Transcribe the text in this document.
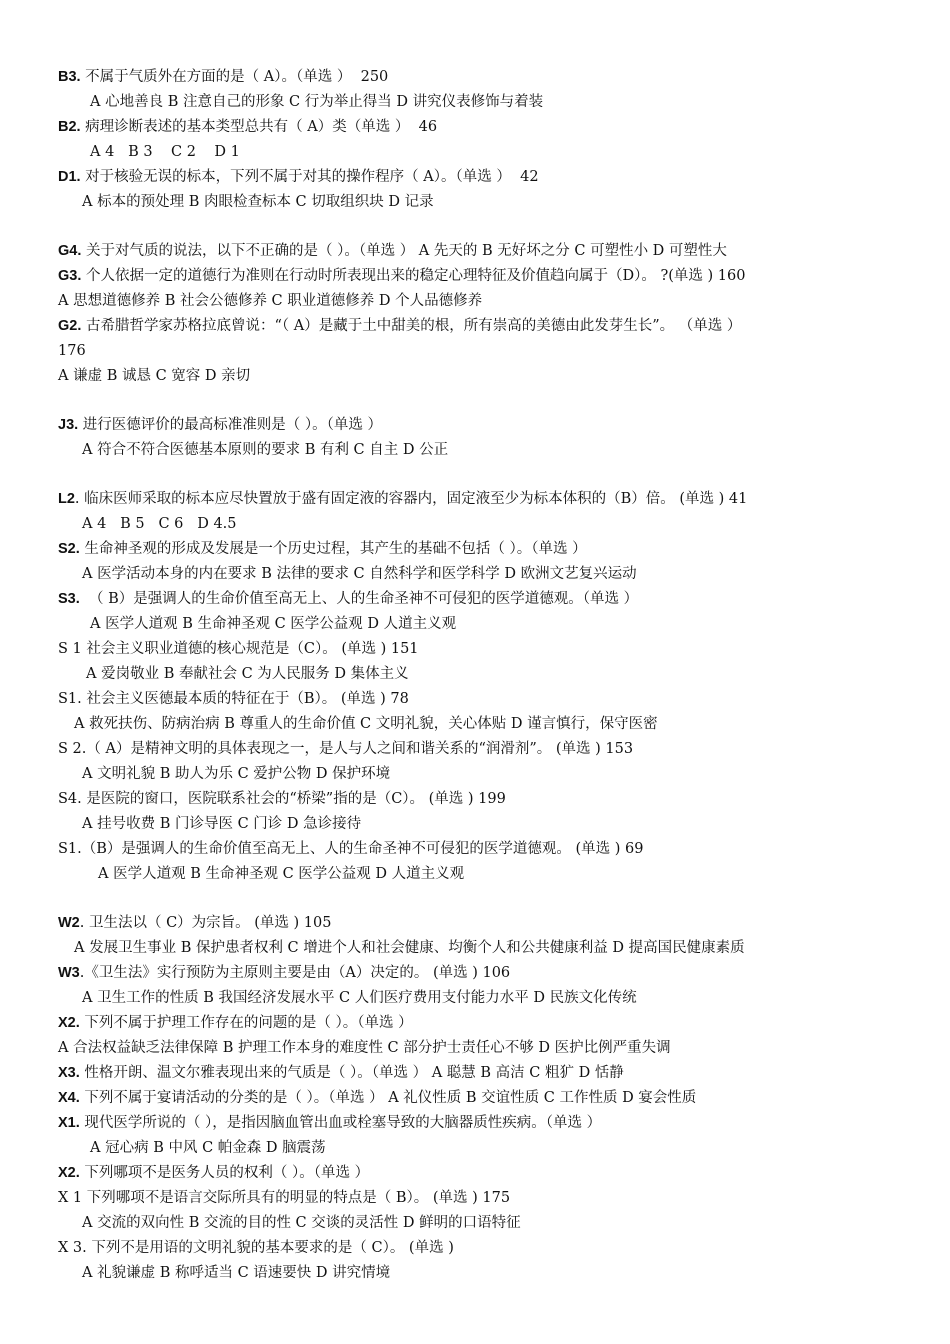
B3. 不属于气质外在方面的是（ A）。（单选 ）  250
A 心地善良 B 注意自己的形象 C 行为举止得当 D 讲究仪表修饰与着装
B2. 病理诊断表述的基本类型总共有（ A）类（单选 ）  46
A 4   B 3    C 2    D 1
D1. 对于核验无误的标本，下列不属于对其的操作程序（ A）。（单选 ）  42
A 标本的预处理 B 肉眼检查标本 C 切取组织块 D 记录
G4. 关于对气质的说法，以下不正确的是（ ）。（单选 ） A 先天的 B 无好坏之分 C 可塑性小 D 可塑性大
G3. 个人依据一定的道德行为准则在行动时所表现出来的稳定心理特征及价值趋向属于（D）。 ?(单选 ) 160
A 思想道德修养 B 社会公德修养 C 职业道德修养 D 个人品德修养
G2. 古希腊哲学家苏格拉底曾说：“（ A）是藏于土中甜美的根，所有崇高的美德由此发芽生长”。 （单选 ）
176
A 谦虚 B 诚恳 C 宽容 D 亲切
J3. 进行医德评价的最高标准准则是（ ）。（单选 ）
A 符合不符合医德基本原则的要求 B 有利 C 自主 D 公正
L2. 临床医师采取的标本应尽快置放于盛有固定液的容器内，固定液至少为标本体积的（B）倍。 (单选 ) 41
A 4   B 5   C 6   D 4.5
S2. 生命神圣观的形成及发展是一个历史过程，其产生的基础不包括（ ）。（单选 ）
A 医学活动本身的内在要求 B 法律的要求 C 自然科学和医学科学 D 欧洲文艺复兴运动
S3.  （ B）是强调人的生命价值至高无上、人的生命圣神不可侵犯的医学道德观。（单选 ）
A 医学人道观 B 生命神圣观 C 医学公益观 D 人道主义观
S 1 社会主义职业道德的核心规范是（C）。 (单选 ) 151
A 爱岗敬业 B 奉献社会 C 为人民服务 D 集体主义
S1. 社会主义医德最本质的特征在于（B）。 (单选 ) 78
A 救死扶伤、防病治病 B 尊重人的生命价值 C 文明礼貌，关心体贴 D 谨言慎行，保守医密
S 2.（ A）是精神文明的具体表现之一，是人与人之间和谐关系的“润滑剂”。 (单选 ) 153
A 文明礼貌 B 助人为乐 C 爱护公物 D 保护环境
S4. 是医院的窗口，医院联系社会的“桥梁”指的是（C）。 (单选 ) 199
A 挂号收费 B 门诊导医 C 门诊 D 急诊接待
S1.（B）是强调人的生命价值至高无上、人的生命圣神不可侵犯的医学道德观。 (单选 ) 69
A 医学人道观 B 生命神圣观 C 医学公益观 D 人道主义观
W2. 卫生法以（ C）为宗旨。 (单选 ) 105
A 发展卫生事业 B 保护患者权利 C 增进个人和社会健康、均衡个人和公共健康利益 D 提高国民健康素质
W3.《卫生法》实行预防为主原则主要是由（A）决定的。 (单选 ) 106
A 卫生工作的性质 B 我国经济发展水平 C 人们医疗费用支付能力水平 D 民族文化传统
X2. 下列不属于护理工作存在的问题的是（ ）。（单选 ）
A 合法权益缺乏法律保障 B 护理工作本身的难度性 C 部分护士责任心不够 D 医护比例严重失调
X3. 性格开朗、温文尔雅表现出来的气质是（ ）。（单选 ） A 聪慧 B 高洁 C 粗犷 D 恬静
X4. 下列不属于宴请活动的分类的是（ ）。（单选 ） A 礼仪性质 B 交谊性质 C 工作性质 D 宴会性质
X1. 现代医学所说的（ ），是指因脑血管出血或栓塞导致的大脑器质性疾病。（单选 ）
A 冠心病 B 中风 C 帕金森 D 脑震荡
X2. 下列哪项不是医务人员的权利（ ）。（单选 ）
X 1 下列哪项不是语言交际所具有的明显的特点是（ B）。 (单选 ) 175
A 交流的双向性 B 交流的目的性 C 交谈的灵活性 D 鲜明的口语特征
X 3. 下列不是用语的文明礼貌的基本要求的是（ C）。 (单选 )
A 礼貌谦虚 B 称呼适当 C 语速要快 D 讲究情境
